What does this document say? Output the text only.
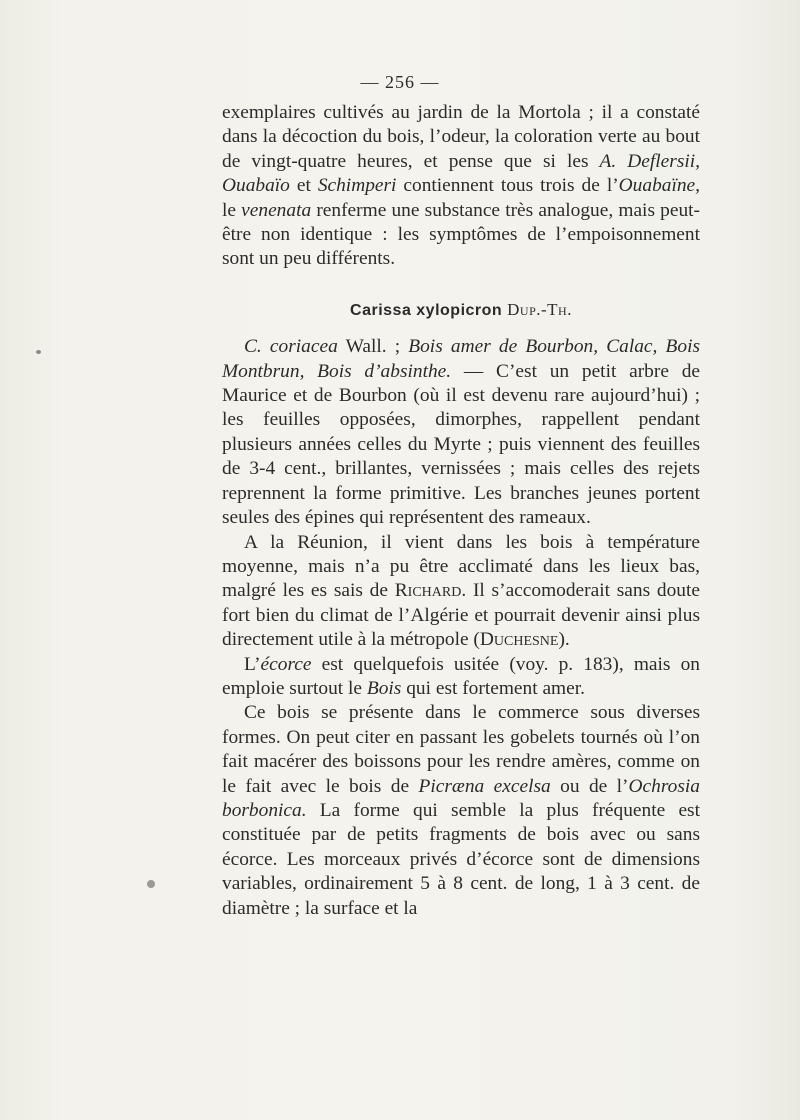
— 256 —

exemplaires cultivés au jardin de la Mortola ; il a constaté dans la décoction du bois, l’odeur, la coloration verte au bout de vingt-quatre heures, et pense que si les A. Deflersii, Ouabaïo et Schimperi contiennent tous trois de l’Ouabaïne, le venenata renferme une substance très analogue, mais peut-être non identique : les symptômes de l’empoisonnement sont un peu différents.

Carissa xylopicron Dup.-Th.

C. coriacea Wall. ; Bois amer de Bourbon, Calac, Bois Montbrun, Bois d’absinthe. — C’est un petit arbre de Maurice et de Bourbon (où il est devenu rare aujourd’hui) ; les feuilles opposées, dimorphes, rappellent pendant plusieurs années celles du Myrte ; puis viennent des feuilles de 3-4 cent., brillantes, vernissées ; mais celles des rejets reprennent la forme primitive. Les branches jeunes portent seules des épines qui représentent des rameaux.

A la Réunion, il vient dans les bois à température moyenne, mais n’a pu être acclimaté dans les lieux bas, malgré les es sais de Richard. Il s’accomoderait sans doute fort bien du climat de l’Algérie et pourrait devenir ainsi plus directement utile à la métropole (Duchesne).

L’écorce est quelquefois usitée (voy. p. 183), mais on emploie surtout le Bois qui est fortement amer.

Ce bois se présente dans le commerce sous diverses formes. On peut citer en passant les gobelets tournés où l’on fait macérer des boissons pour les rendre amères, comme on le fait avec le bois de Picræna excelsa ou de l’Ochrosia borbonica. La forme qui semble la plus fréquente est constituée par de petits fragments de bois avec ou sans écorce. Les morceaux privés d’écorce sont de dimensions variables, ordinairement 5 à 8 cent. de long, 1 à 3 cent. de diamètre ; la surface et la
